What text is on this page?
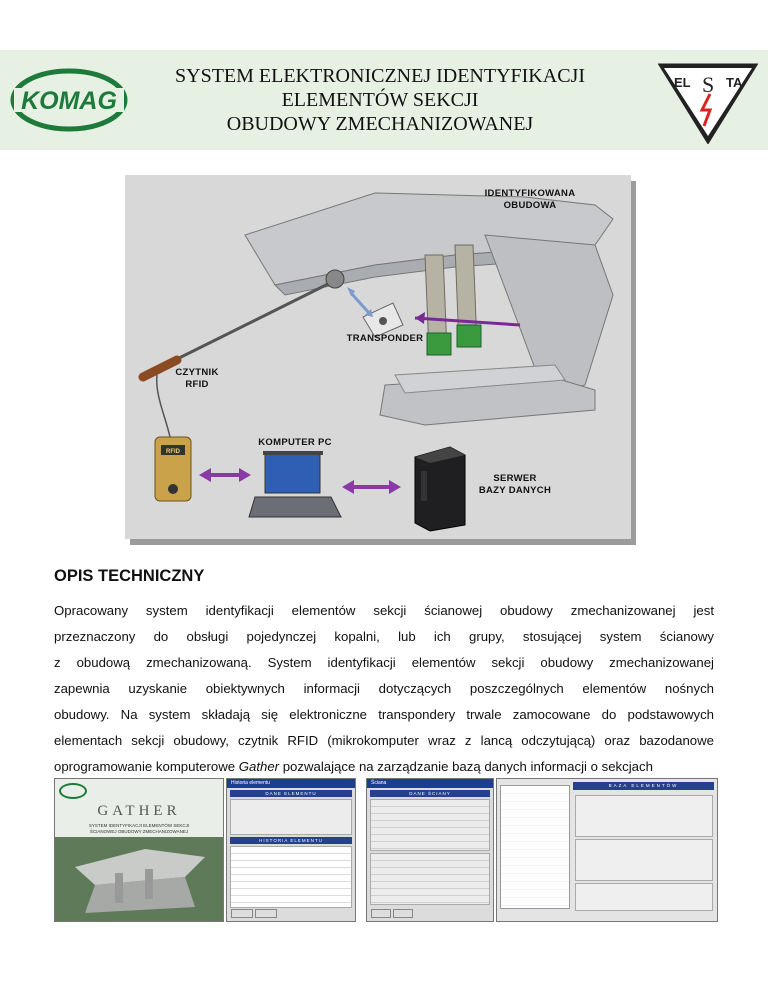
KOMAG
SYSTEM ELEKTRONICZNEJ IDENTYFIKACJI
ELEMENTÓW SEKCJI
OBUDOWY ZMECHANIZOWANEJ
EL	TA
S
RFID
IDENTYFIKOWANA
OBUDOWA
TRANSPONDER
CZYTNIK
RFID
KOMPUTER PC
SERWER
BAZY DANYCH
OPIS TECHNICZNY
Opracowany system identyfikacji elementów sekcji ścianowej obudowy zmechanizowanej jest
przeznaczony do obsługi pojedynczej kopalni, lub ich grupy, stosującej system ścianowy
z obudową zmechanizowaną. System identyfikacji elementów sekcji obudowy zmechanizowanej
zapewnia uzyskanie obiektywnych informacji dotyczących poszczególnych elementów nośnych
obudowy. Na system składają się elektroniczne transpondery trwale zamocowane do podstawowych
elementach sekcji obudowy, czytnik RFID (mikrokomputer wraz z lancą odczytującą) oraz bazodanowe
oprogramowanie komputerowe Gather pozwalające na zarządzanie bazą danych informacji o sekcjach
GATHER
SYSTEM IDENTYFIKACJI ELEMENTÓW SEKCJI
ŚCIANOWEJ OBUDOWY ZMECHANIZOWANEJ
Historia elementu
DANE ELEMENTU
HISTORIA ELEMENTU
Ściana
DANE ŚCIANY
BAZA ELEMENTÓW
